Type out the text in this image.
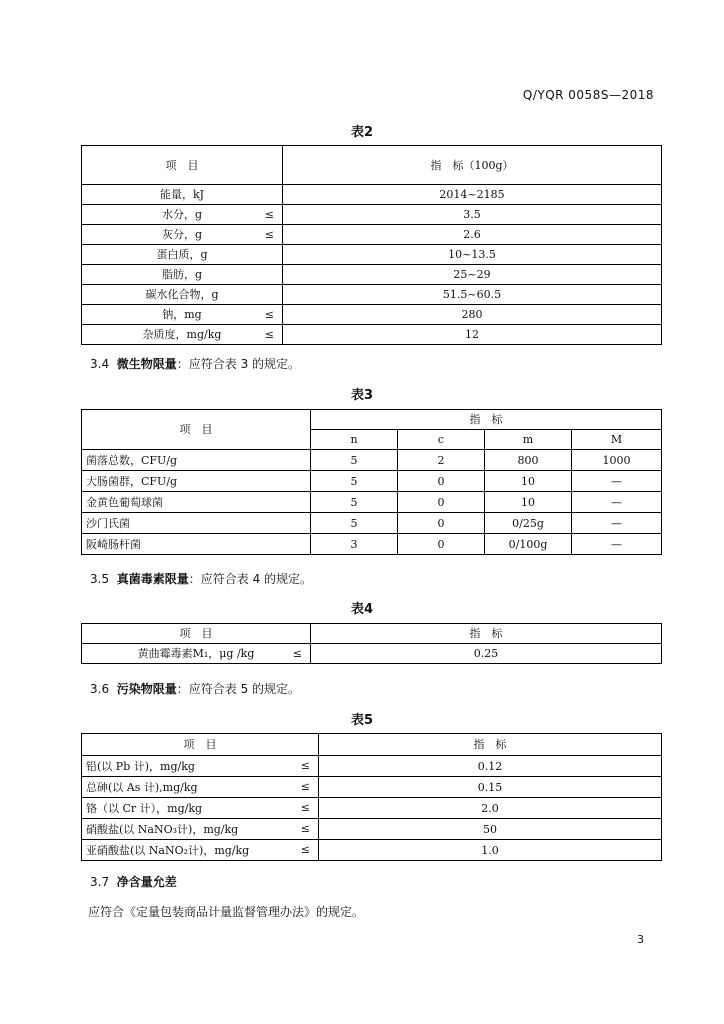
Q/YQR 0058S—2018
表2
项　目	指　标（100g）
能量，kJ	2014~2185
水分，g ≤	3.5
灰分，g ≤	2.6
蛋白质，g	10~13.5
脂肪，g	25~29
碳水化合物，g	51.5~60.5
钠，mg ≤	280
杂质度，mg/kg ≤	12
3.4 微生物限量：应符合表 3 的规定。
表3
项　目	指　标			
	n	c	m	M
菌落总数，CFU/g	5	2	800	1000
大肠菌群，CFU/g	5	0	10	—
金黄色葡萄球菌	5	0	10	—
沙门氏菌	5	0	0/25g	—
阪崎肠杆菌	3	0	0/100g	—
3.5 真菌毒素限量：应符合表 4 的规定。
表4
项　目	指　标
黄曲霉毒素M₁，μg /kg ≤	0.25
3.6 污染物限量：应符合表 5 的规定。
表5
项　目	指　标
铅(以 Pb 计)，mg/kg ≤	0.12
总砷(以 As 计),mg/kg ≤	0.15
铬（以 Cr 计），mg/kg ≤	2.0
硝酸盐(以 NaNO₃计)，mg/kg ≤	50
亚硝酸盐(以 NaNO₂计)，mg/kg ≤	1.0
3.7 净含量允差
应符合《定量包装商品计量监督管理办法》的规定。
3
